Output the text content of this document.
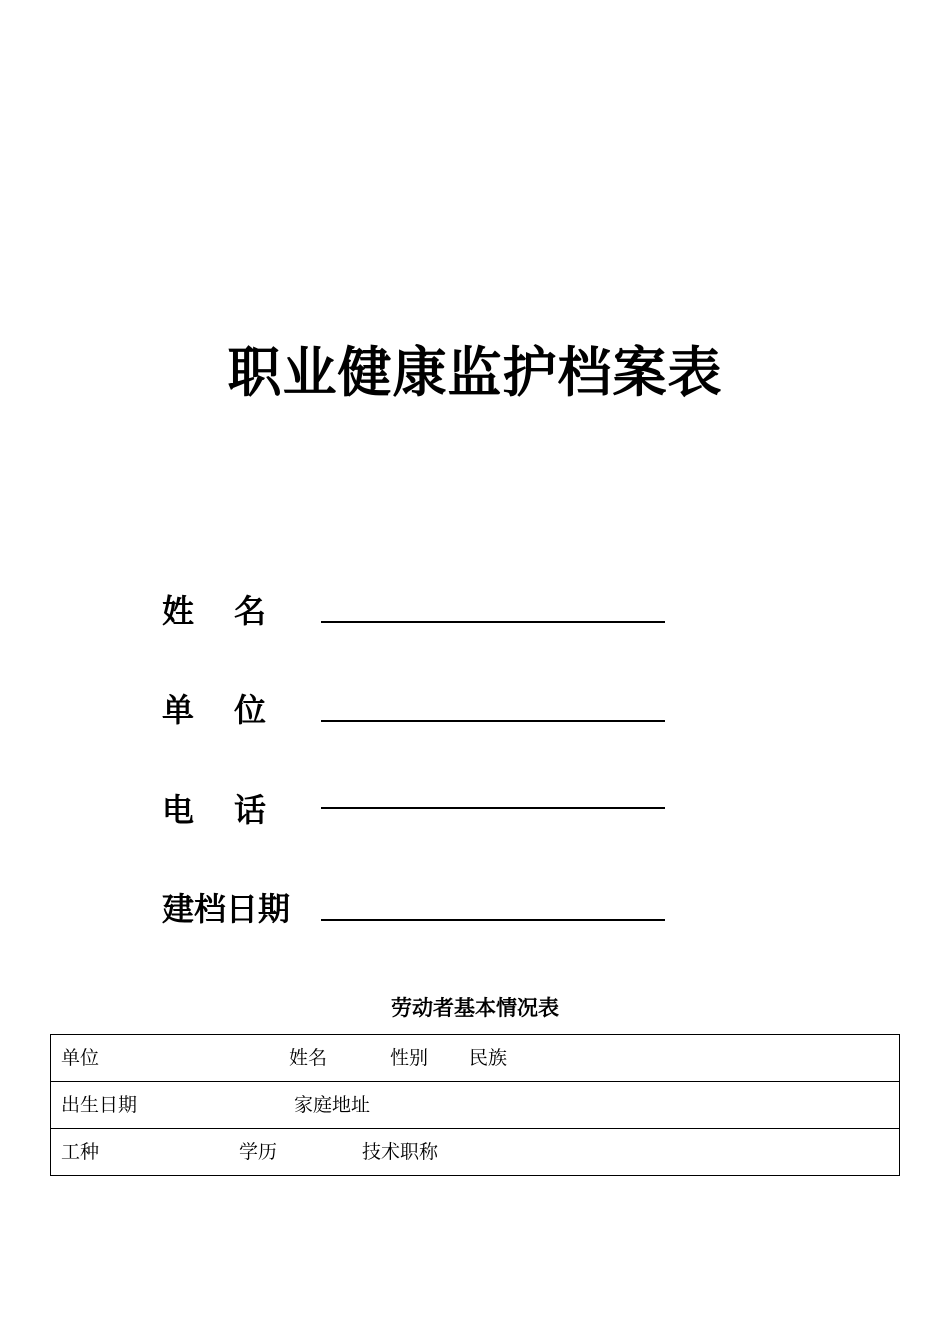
职业健康监护档案表
姓名
单位
电话
建档日期
劳动者基本情况表
单位	姓名	性别 民族

出生日期	家庭地址

工种	学历	技术职称
